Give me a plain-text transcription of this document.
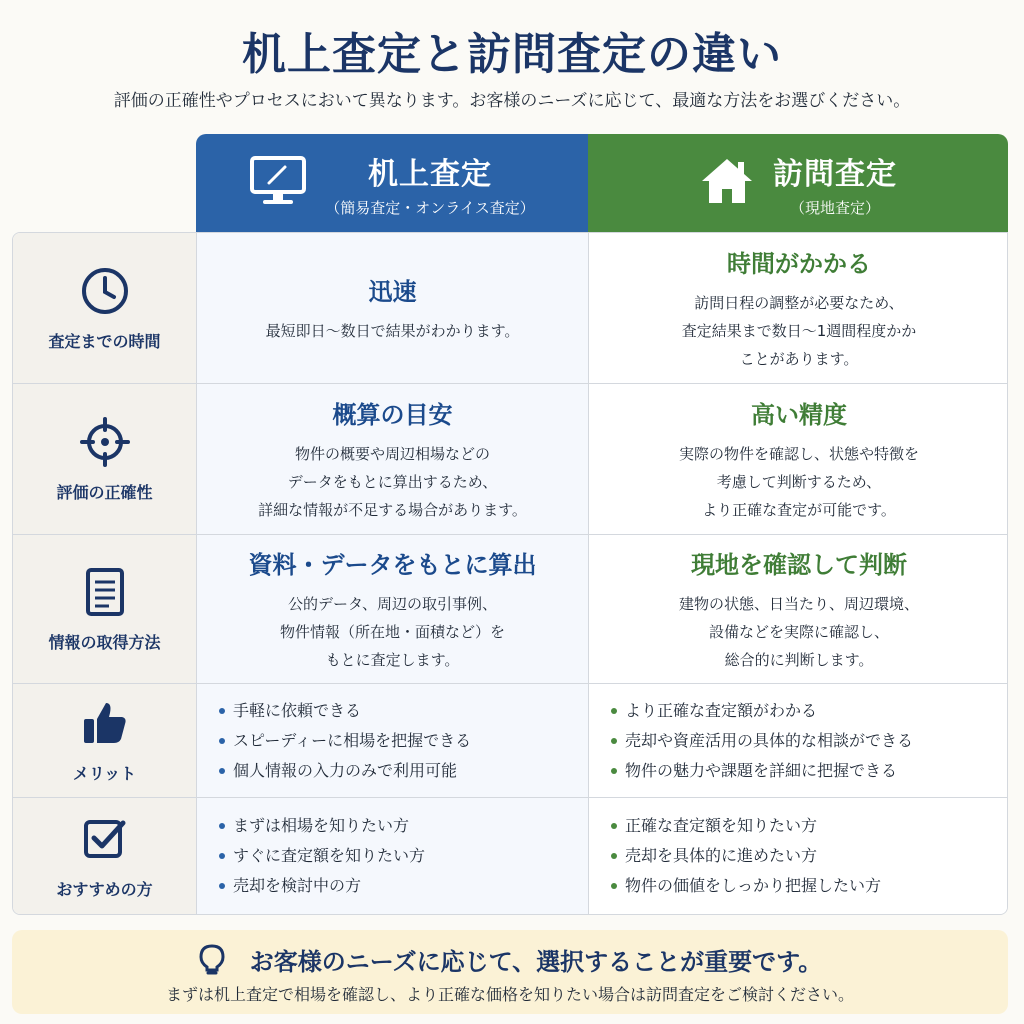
机上査定と訪問査定の違い
評価の正確性やプロセスにおいて異なります。お客様のニーズに応じて、最適な方法をお選びください。
机上査定
（簡易査定・オンライス査定）
訪問査定
（現地査定）
査定までの時間
迅速
最短即日～数日で結果がわかります。
時間がかかる
訪問日程の調整が必要なため、
査定結果まで数日～1週間程度かか
ことがあります。
評価の正確性
概算の目安
物件の概要や周辺相場などの
データをもとに算出するため、
詳細な情報が不足する場合があります。
高い精度
実際の物件を確認し、状態や特徴を
考慮して判断するため、
より正確な査定が可能です。
情報の取得方法
資料・データをもとに算出
公的データ、周辺の取引事例、
物件情報（所在地・面積など）を
もとに査定します。
現地を確認して判断
建物の状態、日当たり、周辺環境、
設備などを実際に確認し、
総合的に判断します。
メリット
手軽に依頼できる
スピーディーに相場を把握できる
個人情報の入力のみで利用可能
より正確な査定額がわかる
売却や資産活用の具体的な相談ができる
物件の魅力や課題を詳細に把握できる
おすすめの方
まずは相場を知りたい方
すぐに査定額を知りたい方
売却を検討中の方
正確な査定額を知りたい方
売却を具体的に進めたい方
物件の価値をしっかり把握したい方
お客様のニーズに応じて、選択することが重要です。
まずは机上査定で相場を確認し、より正確な価格を知りたい場合は訪問査定をご検討ください。
